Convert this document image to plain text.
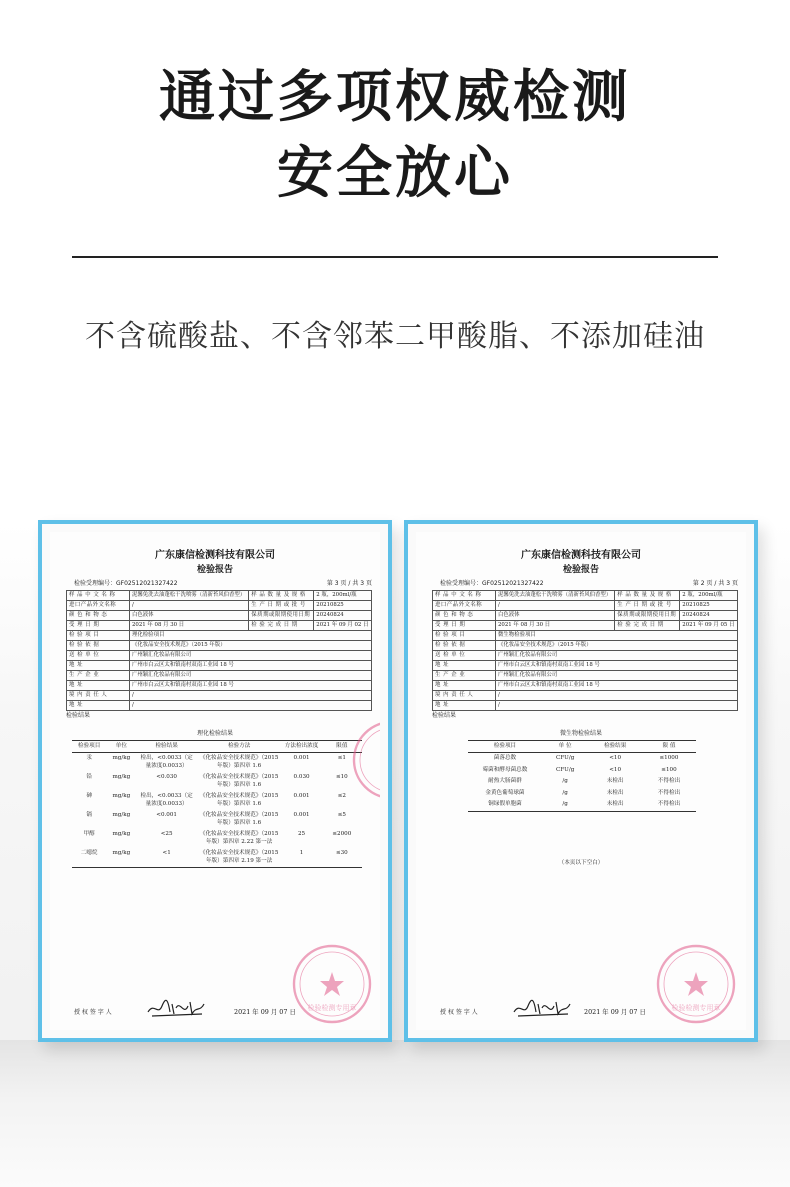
通过多项权威检测
安全放心
不含硫酸盐、不含邻苯二甲酸脂、不添加硅油
广东康信检测科技有限公司
检验报告
检验受理编号：GF02512021327422	第 3 页 / 共 3 页
样 品 中 文 名 称	泥馨免洗去油蓬松干洗喷雾（清新苔风伯香型）	样 品 数 量 及 规 格	2 瓶，200ml/瓶
进口产品外文名称	/	生 产 日 期 或 批 号	20210825
颜 色 和 物 态	白色液体	保质期或限期使用日期	20240824
受 理 日 期	2021 年 08 月 30 日	检 验 完 成 日 期	2021 年 09 月 02 日
检 验 项 目	理化检验项目		
检 验 依 据	《化妆品安全技术规范》（2015 年版）		
送 检 单 位	广州颖汇化妆品有限公司		
地 址	广州市白云区太和镇南村双南工业园 18 号		
生 产 企 业	广州颖汇化妆品有限公司		
地 址	广州市白云区太和镇南村双南工业园 18 号		
境 内 责 任 人	/		
地 址	/		
检验结果
理化检验结果
检验项目	单位	检验结果	检验方法	方法检出浓度	限值
汞	mg/kg	检出，<0.0033（定量浓度0.0033）	《化妆品安全技术规范》（2015 年版）第四章 1.6	0.001	≤1
铅	mg/kg	<0.030	《化妆品安全技术规范》（2015 年版）第四章 1.6	0.030	≤10
砷	mg/kg	检出，<0.0033（定量浓度0.0033）	《化妆品安全技术规范》（2015 年版）第四章 1.6	0.001	≤2
镉	mg/kg	<0.001	《化妆品安全技术规范》（2015 年版）第四章 1.6	0.001	≤5
甲醇	mg/kg	<25	《化妆品安全技术规范》（2015 年版）第四章 2.22 第一法	25	≤2000
二噁烷	mg/kg	<1	《化妆品安全技术规范》（2015 年版）第四章 2.19 第一法	1	≤30
授 权 签 字 人	2021 年 09 月 07 日 检验检测专用章
广东康信检测科技有限公司
检验报告
检验受理编号：GF02512021327422	第 2 页 / 共 3 页
样 品 中 文 名 称	泥馨免洗去油蓬松干洗喷雾（清新苔风伯香型）	样 品 数 量 及 规 格	2 瓶，200ml/瓶
进口产品外文名称	/	生 产 日 期 或 批 号	20210825
颜 色 和 物 态	白色液体	保质期或限期使用日期	20240824
受 理 日 期	2021 年 08 月 30 日	检 验 完 成 日 期	2021 年 09 月 05 日
检 验 项 目	微生物检验项目		
检 验 依 据	《化妆品安全技术规范》（2015 年版）		
送 检 单 位	广州颖汇化妆品有限公司		
地 址	广州市白云区太和镇南村双南工业园 18 号		
生 产 企 业	广州颖汇化妆品有限公司		
地 址	广州市白云区太和镇南村双南工业园 18 号		
境 内 责 任 人	/		
地 址	/		
检验结果
微生物检验结果
检验项目	单 位	检验结果	限 值
菌落总数	CFU/g	<10	≤1000
霉菌和酵母菌总数	CFU/g	<10	≤100
耐热大肠菌群	/g	未检出	不得检出
金黄色葡萄球菌	/g	未检出	不得检出
铜绿假单胞菌	/g	未检出	不得检出
（本页以下空白）
授 权 签 字 人	2021 年 09 月 07 日	检验检测专用章
